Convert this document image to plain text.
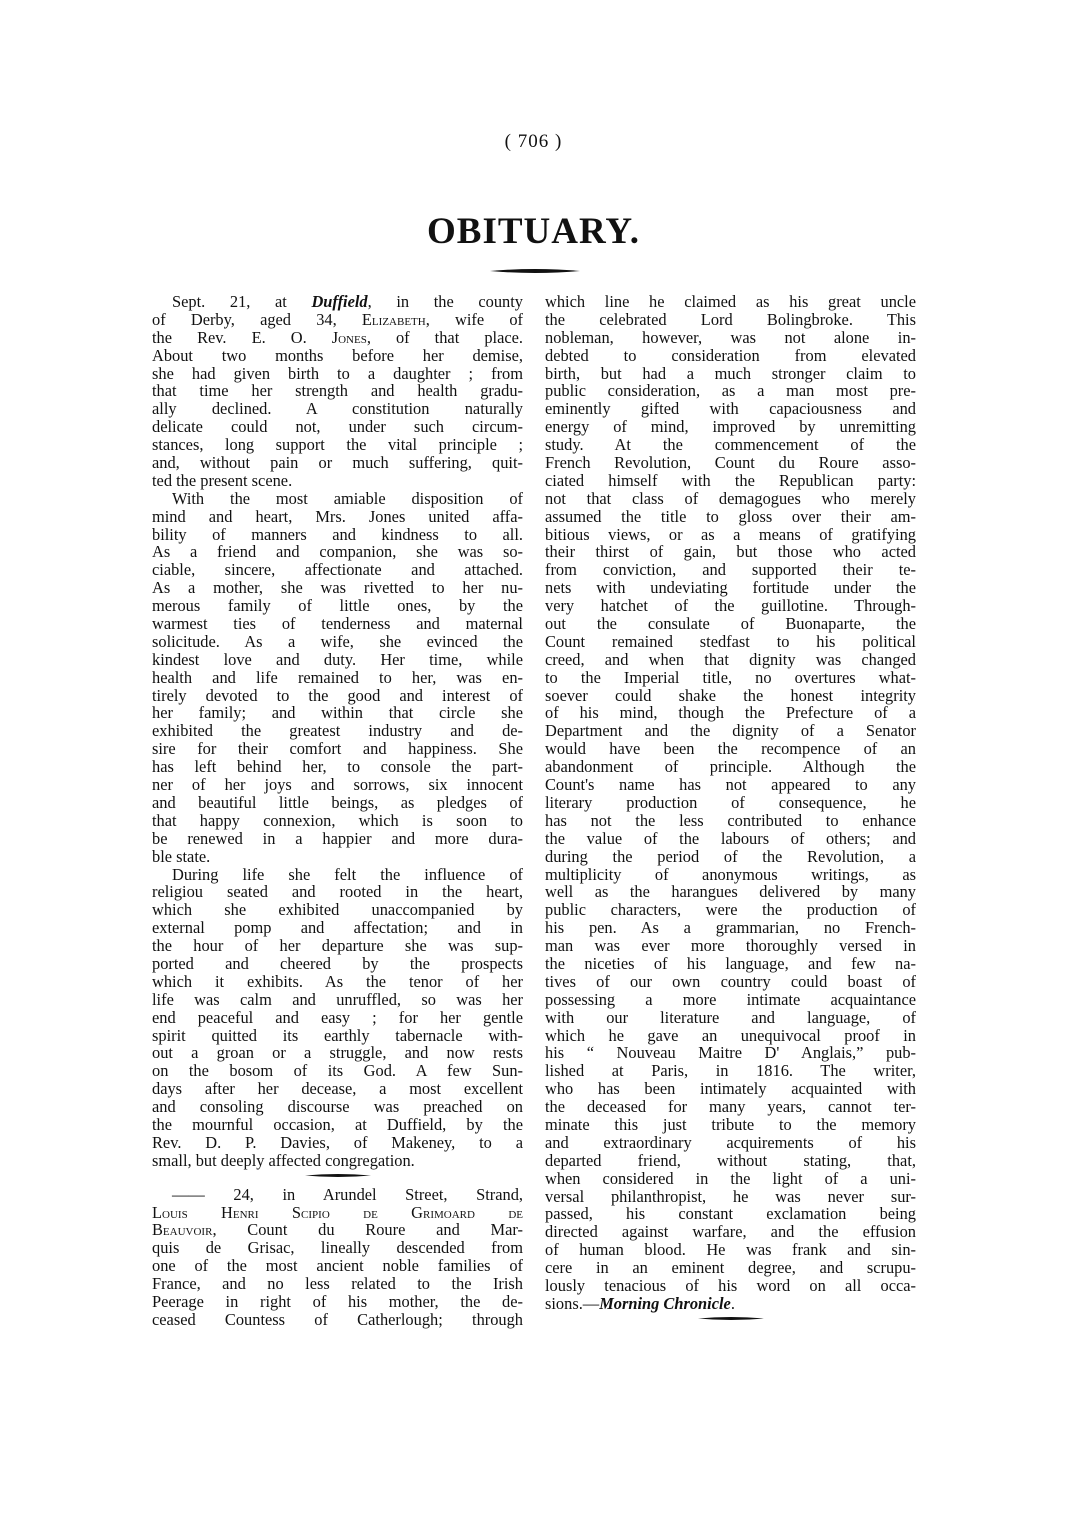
( 706 )
OBITUARY.
Sept. 21, at Duffield, in the county
of Derby, aged 34, Elizabeth, wife of
the Rev. E. O. Jones, of that place.
About two months before her demise,
she had given birth to a daughter ; from
that time her strength and health gradu-
ally declined. A constitution naturally
delicate could not, under such circum-
stances, long support the vital principle ;
and, without pain or much suffering, quit-
ted the present scene.
With the most amiable disposition of
mind and heart, Mrs. Jones united affa-
bility of manners and kindness to all.
As a friend and companion, she was so-
ciable, sincere, affectionate and attached.
As a mother, she was rivetted to her nu-
merous family of little ones, by the
warmest ties of tenderness and maternal
solicitude. As a wife, she evinced the
kindest love and duty. Her time, while
health and life remained to her, was en-
tirely devoted to the good and interest of
her family; and within that circle she
exhibited the greatest industry and de-
sire for their comfort and happiness. She
has left behind her, to console the part-
ner of her joys and sorrows, six innocent
and beautiful little beings, as pledges of
that happy connexion, which is soon to
be renewed in a happier and more dura-
ble state.
During life she felt the influence of
religiou seated and rooted in the heart,
which she exhibited unaccompanied by
external pomp and affectation; and in
the hour of her departure she was sup-
ported and cheered by the prospects
which it exhibits. As the tenor of her
life was calm and unruffled, so was her
end peaceful and easy ; for her gentle
spirit quitted its earthly tabernacle with-
out a groan or a struggle, and now rests
on the bosom of its God. A few Sun-
days after her decease, a most excellent
and consoling discourse was preached on
the mournful occasion, at Duffield, by the
Rev. D. P. Davies, of Makeney, to a
small, but deeply affected congregation.
—— 24, in Arundel Street, Strand,
Louis Henri Scipio de Grimoard de
Beauvoir, Count du Roure and Mar-
quis de Grisac, lineally descended from
one of the most ancient noble families of
France, and no less related to the Irish
Peerage in right of his mother, the de-
ceased Countess of Catherlough; through
which line he claimed as his great uncle
the celebrated Lord Bolingbroke. This
nobleman, however, was not alone in-
debted to consideration from elevated
birth, but had a much stronger claim to
public consideration, as a man most pre-
eminently gifted with capaciousness and
energy of mind, improved by unremitting
study. At the commencement of the
French Revolution, Count du Roure asso-
ciated himself with the Republican party:
not that class of demagogues who merely
assumed the title to gloss over their am-
bitious views, or as a means of gratifying
their thirst of gain, but those who acted
from conviction, and supported their te-
nets with undeviating fortitude under the
very hatchet of the guillotine. Through-
out the consulate of Buonaparte, the
Count remained stedfast to his political
creed, and when that dignity was changed
to the Imperial title, no overtures what-
soever could shake the honest integrity
of his mind, though the Prefecture of a
Department and the dignity of a Senator
would have been the recompence of an
abandonment of principle. Although the
Count's name has not appeared to any
literary production of consequence, he
has not the less contributed to enhance
the value of the labours of others; and
during the period of the Revolution, a
multiplicity of anonymous writings, as
well as the harangues delivered by many
public characters, were the production of
his pen. As a grammarian, no French-
man was ever more thoroughly versed in
the niceties of his language, and few na-
tives of our own country could boast of
possessing a more intimate acquaintance
with our literature and language, of
which he gave an unequivocal proof in
his “ Nouveau Maitre D' Anglais,” pub-
lished at Paris, in 1816. The writer,
who has been intimately acquainted with
the deceased for many years, cannot ter-
minate this just tribute to the memory
and extraordinary acquirements of his
departed friend, without stating, that,
when considered in the light of a uni-
versal philanthropist, he was never sur-
passed, his constant exclamation being
directed against warfare, and the effusion
of human blood. He was frank and sin-
cere in an eminent degree, and scrupu-
lously tenacious of his word on all occa-
sions.—Morning Chronicle.
